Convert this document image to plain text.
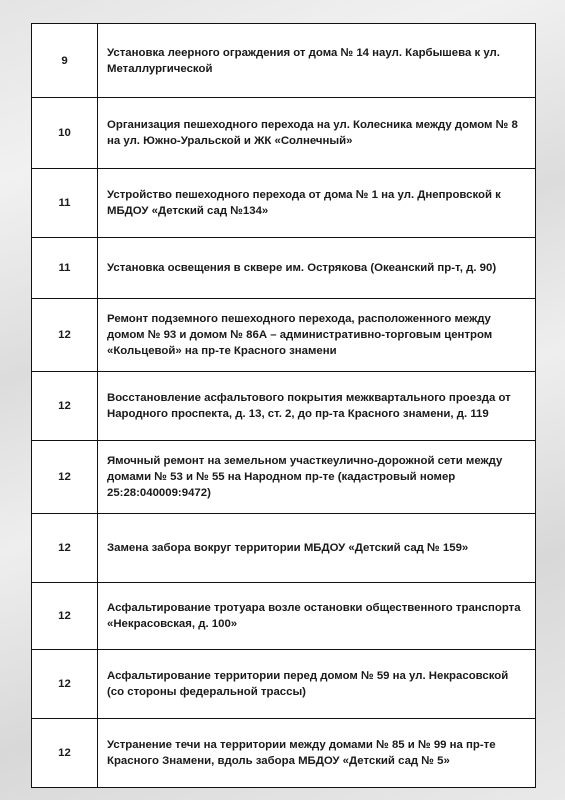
9	Установка леерного ограждения от дома № 14 наул. Карбышева к ул. Металлургической
10	Организация пешеходного перехода на ул. Колесника между домом № 8 на ул. Южно-Уральской и ЖК «Солнечный»
11	Устройство пешеходного перехода от дома № 1 на ул. Днепровской к МБДОУ «Детский сад №134»
11	Установка освещения в сквере им. Острякова (Океанский пр-т, д. 90)
12	Ремонт подземного пешеходного перехода, расположенного между домом № 93 и домом № 86А – административно-торговым центром «Кольцевой» на пр-те Красного знамени
12	Восстановление асфальтового покрытия межквартального проезда от Народного проспекта, д. 13, ст. 2, до пр-та Красного знамени, д. 119
12	Ямочный ремонт на земельном участкеулично-дорожной сети между домами № 53 и № 55 на Народном пр-те (кадастровый номер 25:28:040009:9472)
12	Замена забора вокруг территории МБДОУ «Детский сад № 159»
12	Асфальтирование тротуара возле остановки общественного транспорта «Некрасовская, д. 100»
12	Асфальтирование территории перед домом № 59 на ул. Некрасовской (со стороны федеральной трассы)
12	Устранение течи на территории между домами № 85 и № 99 на пр-те Красного Знамени, вдоль забора МБДОУ «Детский сад № 5»
